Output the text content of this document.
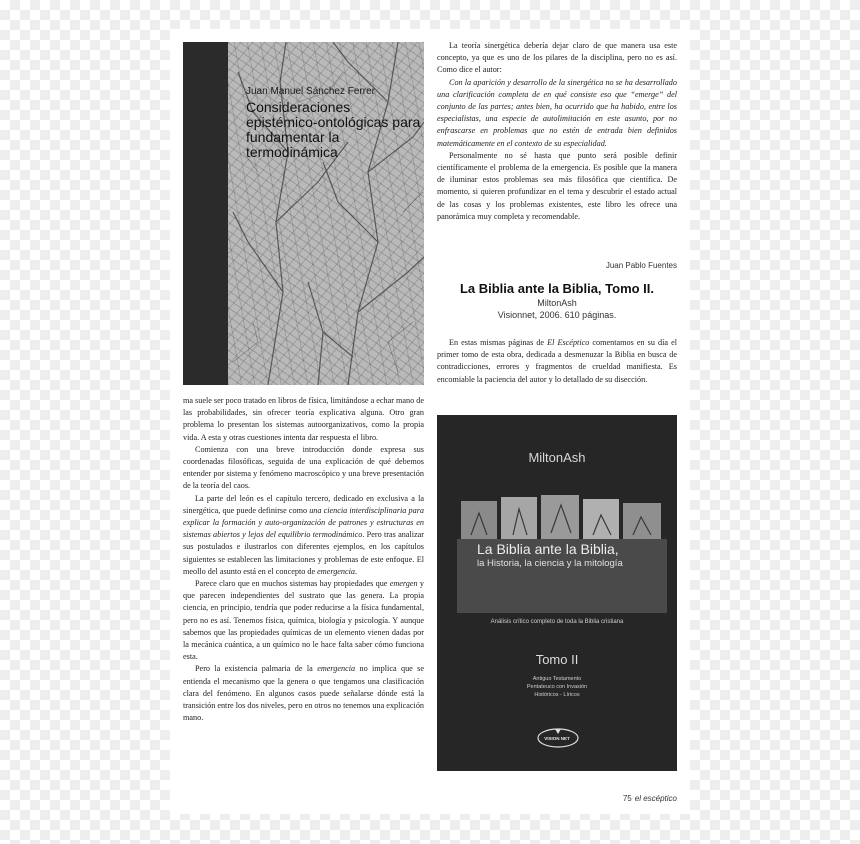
Juan Manuel Sánchez Ferrer
Consideraciones epistémico-ontológicas para fundamentar la termodinámica

ma suele ser poco tratado en libros de física, limitándose a echar mano de las probabilidades, sin ofrecer teoría explicativa alguna. Otro gran problema lo presentan los sistemas autoorganizativos, como la propia vida. A esta y otras cuestiones intenta dar respuesta el libro.

Comienza con una breve introducción donde expresa sus coordenadas filosóficas, seguida de una explicación de qué debemos entender por sistema y fenómeno macroscópico y una breve presentación de la teoría del caos.

La parte del león es el capítulo tercero, dedicado en exclusiva a la sinergética, que puede definirse como una ciencia interdisciplinaria para explicar la formación y auto-organización de patrones y estructuras en sistemas abiertos y lejos del equilibrio termodinámico. Pero tras analizar sus postulados e ilustrarlos con diferentes ejemplos, en los capítulos siguientes se establecen las limitaciones y problemas de este enfoque. El meollo del asunto está en el concepto de emergencia.

Parece claro que en muchos sistemas hay propiedades que emergen y que parecen independientes del sustrato que las genera. La propia ciencia, en principio, tendría que poder reducirse a la física fundamental, pero no es así. Tenemos física, química, biología y psicología. Y aunque sabemos que las propiedades químicas de un elemento vienen dadas por la mecánica cuántica, a un químico no le hace falta saber cómo funciona esta.

Pero la existencia palmaria de la emergencia no implica que se entienda el mecanismo que la genera o que tengamos una clasificación clara del fenómeno. En algunos casos puede señalarse dónde está la transición entre los dos niveles, pero en otros no tenemos una explicación mano.

La teoría sinergética debería dejar claro de que manera usa este concepto, ya que es uno de los pilares de la disciplina, pero no es así. Como dice el autor:

Con la aparición y desarrollo de la sinergética no se ha desarrollado una clarificación completa de en qué consiste eso que “emerge” del conjunto de las partes; antes bien, ha ocurrido que ha habido, entre los especialistas, una especie de autolimitación en este asunto, por no enfrascarse en problemas que no estén de entrada bien definidos matemáticamente en el contexto de su especialidad.

Personalmente no sé hasta que punto será posible definir científicamente el problema de la emergencia. Es posible que la manera de iluminar estos problemas sea más filosófica que científica. De momento, si quieren profundizar en el tema y descubrir el estado actual de las cosas y los problemas existentes, este libro les ofrece una panorámica muy completa y recomendable.

Juan Pablo Fuentes
La Biblia ante la Biblia, Tomo II.
MiltonAsh
Visionnet, 2006. 610 páginas.

En estas mismas páginas de El Escéptico comentamos en su día el primer tomo de esta obra, dedicada a desmenuzar la Biblia en busca de contradicciones, errores y fragmentos de crueldad manifiesta. Es encomiable la paciencia del autor y lo detallado de su disección.

MiltonAsh
La Biblia ante la Biblia,
la Historia, la ciencia y la mitología
Análisis crítico completo de toda la Biblia cristiana
Tomo II
Antiguo Testamento
Pentateuco con Invasión
Históricos - Líricos
VISION NET
75 el escéptico
